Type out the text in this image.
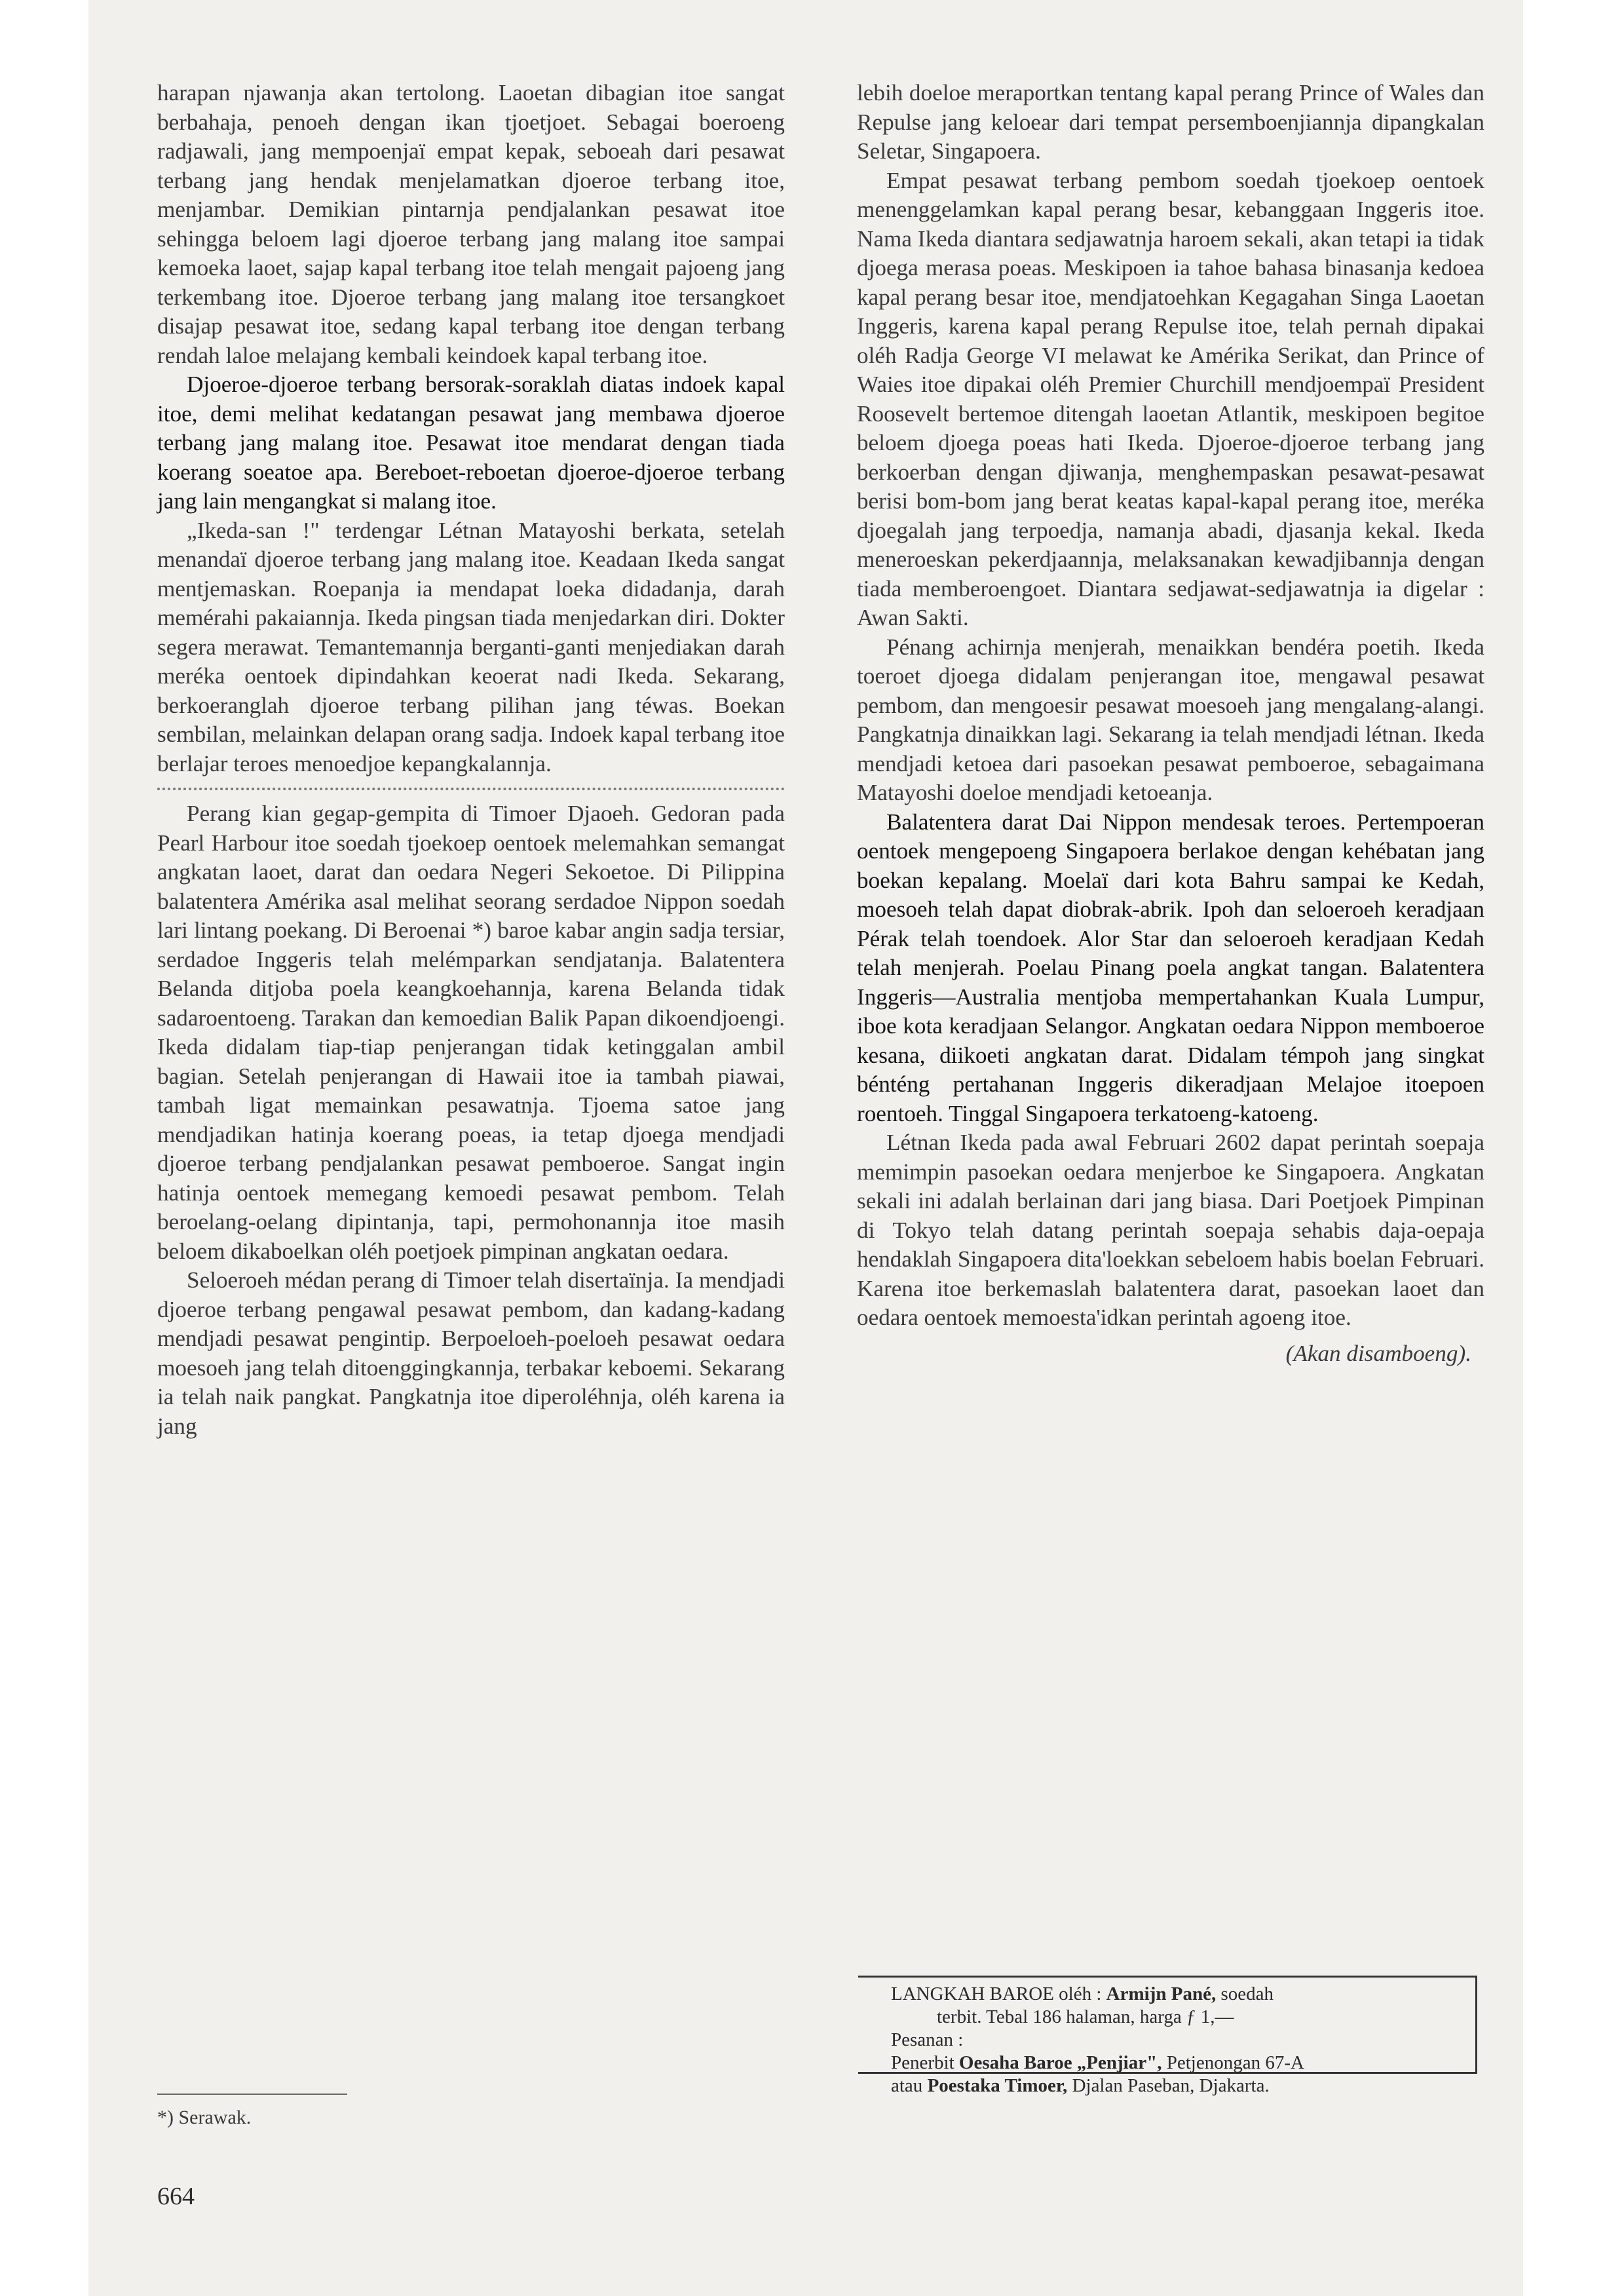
harapan njawanja akan tertolong. Laoetan dibagian itoe sangat berbahaja, penoeh dengan ikan tjoetjoet. Sebagai boeroeng radjawali, jang mempoenjaï empat kepak, seboeah dari pesawat terbang jang hendak menjelamatkan djoeroe terbang itoe, menjambar. Demikian pintarnja pendjalankan pesawat itoe sehingga beloem lagi djoeroe terbang jang malang itoe sampai kemoeka laoet, sajap kapal terbang itoe telah mengait pajoeng jang terkembang itoe. Djoeroe terbang jang malang itoe tersangkoet disajap pesawat itoe, sedang kapal terbang itoe dengan terbang rendah laloe melajang kembali keindoek kapal terbang itoe.

Djoeroe-djoeroe terbang bersorak-soraklah diatas indoek kapal itoe, demi melihat kedatangan pesawat jang membawa djoeroe terbang jang malang itoe. Pesawat itoe mendarat dengan tiada koerang soeatoe apa. Bereboet-reboetan djoeroe-djoeroe terbang jang lain mengangkat si malang itoe.

„Ikeda-san !" terdengar Létnan Matayoshi berkata, setelah menandaï djoeroe terbang jang malang itoe. Keadaan Ikeda sangat mentjemaskan. Roepanja ia mendapat loeka didadanja, darah memérahi pakaiannja. Ikeda pingsan tiada menjedarkan diri. Dokter segera merawat. Temantemannja berganti-ganti menjediakan darah meréka oentoek dipindahkan keoerat nadi Ikeda. Sekarang, berkoeranglah djoeroe terbang pilihan jang téwas. Boekan sembilan, melainkan delapan orang sadja. Indoek kapal terbang itoe berlajar teroes menoedjoe kepangkalannja.

Perang kian gegap-gempita di Timoer Djaoeh. Gedoran pada Pearl Harbour itoe soedah tjoekoep oentoek melemahkan semangat angkatan laoet, darat dan oedara Negeri Sekoetoe. Di Pilippina balatentera Amérika asal melihat seorang serdadoe Nippon soedah lari lintang poekang. Di Beroenai *) baroe kabar angin sadja tersiar, serdadoe Inggeris telah melémparkan sendjatanja. Balatentera Belanda ditjoba poela keangkoehannja, karena Belanda tidak sadaroentoeng. Tarakan dan kemoedian Balik Papan dikoendjoengi. Ikeda didalam tiap-tiap penjerangan tidak ketinggalan ambil bagian. Setelah penjerangan di Hawaii itoe ia tambah piawai, tambah ligat memainkan pesawatnja. Tjoema satoe jang mendjadikan hatinja koerang poeas, ia tetap djoega mendjadi djoeroe terbang pendjalankan pesawat pemboeroe. Sangat ingin hatinja oentoek memegang kemoedi pesawat pembom. Telah beroelang-oelang dipintanja, tapi, permohonannja itoe masih beloem dikaboelkan oléh poetjoek pimpinan angkatan oedara.

Seloeroeh médan perang di Timoer telah disertaïnja. Ia mendjadi djoeroe terbang pengawal pesawat pembom, dan kadang-kadang mendjadi pesawat pengintip. Berpoeloeh-poeloeh pesawat oedara moesoeh jang telah ditoenggingkannja, terbakar keboemi. Sekarang ia telah naik pangkat. Pangkatnja itoe diperoléhnja, oléh karena ia jang

lebih doeloe meraportkan tentang kapal perang Prince of Wales dan Repulse jang keloear dari tempat persemboenjiannja dipangkalan Seletar, Singapoera.

Empat pesawat terbang pembom soedah tjoekoep oentoek menenggelamkan kapal perang besar, kebanggaan Inggeris itoe. Nama Ikeda diantara sedjawatnja haroem sekali, akan tetapi ia tidak djoega merasa poeas. Meskipoen ia tahoe bahasa binasanja kedoea kapal perang besar itoe, mendjatoehkan Kegagahan Singa Laoetan Inggeris, karena kapal perang Repulse itoe, telah pernah dipakai oléh Radja George VI melawat ke Amérika Serikat, dan Prince of Waies itoe dipakai oléh Premier Churchill mendjoempaï President Roosevelt bertemoe ditengah laoetan Atlantik, meskipoen begitoe beloem djoega poeas hati Ikeda. Djoeroe-djoeroe terbang jang berkoerban dengan djiwanja, menghempaskan pesawat-pesawat berisi bom-bom jang berat keatas kapal-kapal perang itoe, meréka djoegalah jang terpoedja, namanja abadi, djasanja kekal. Ikeda meneroeskan pekerdjaannja, melaksanakan kewadjibannja dengan tiada memberoengoet. Diantara sedjawat-sedjawatnja ia digelar : Awan Sakti.

Pénang achirnja menjerah, menaikkan bendéra poetih. Ikeda toeroet djoega didalam penjerangan itoe, mengawal pesawat pembom, dan mengoesir pesawat moesoeh jang mengalang-alangi. Pangkatnja dinaikkan lagi. Sekarang ia telah mendjadi létnan. Ikeda mendjadi ketoea dari pasoekan pesawat pemboeroe, sebagaimana Matayoshi doeloe mendjadi ketoeanja.

Balatentera darat Dai Nippon mendesak teroes. Pertempoeran oentoek mengepoeng Singapoera berlakoe dengan kehébatan jang boekan kepalang. Moelaï dari kota Bahru sampai ke Kedah, moesoeh telah dapat diobrak-abrik. Ipoh dan seloeroeh keradjaan Pérak telah toendoek. Alor Star dan seloeroeh keradjaan Kedah telah menjerah. Poelau Pinang poela angkat tangan. Balatentera Inggeris—Australia mentjoba mempertahankan Kuala Lumpur, iboe kota keradjaan Selangor. Angkatan oedara Nippon memboeroe kesana, diikoeti angkatan darat. Didalam témpoh jang singkat bénténg pertahanan Inggeris dikeradjaan Melajoe itoepoen roentoeh. Tinggal Singapoera terkatoeng-katoeng.

Létnan Ikeda pada awal Februari 2602 dapat perintah soepaja memimpin pasoekan oedara menjerboe ke Singapoera. Angkatan sekali ini adalah berlainan dari jang biasa. Dari Poetjoek Pimpinan di Tokyo telah datang perintah soepaja sehabis daja-oepaja hendaklah Singapoera dita'loekkan sebeloem habis boelan Februari. Karena itoe berkemaslah balatentera darat, pasoekan laoet dan oedara oentoek memoesta'idkan perintah agoeng itoe.

(Akan disamboeng).
*) Serawak.
664
LANGKAH BAROE oléh : Armijn Pané, soedah
terbit. Tebal 186 halaman, harga ƒ 1,—
Pesanan :
Penerbit Oesaha Baroe „Penjiar", Petjenongan 67-A
atau Poestaka Timoer, Djalan Paseban, Djakarta.
